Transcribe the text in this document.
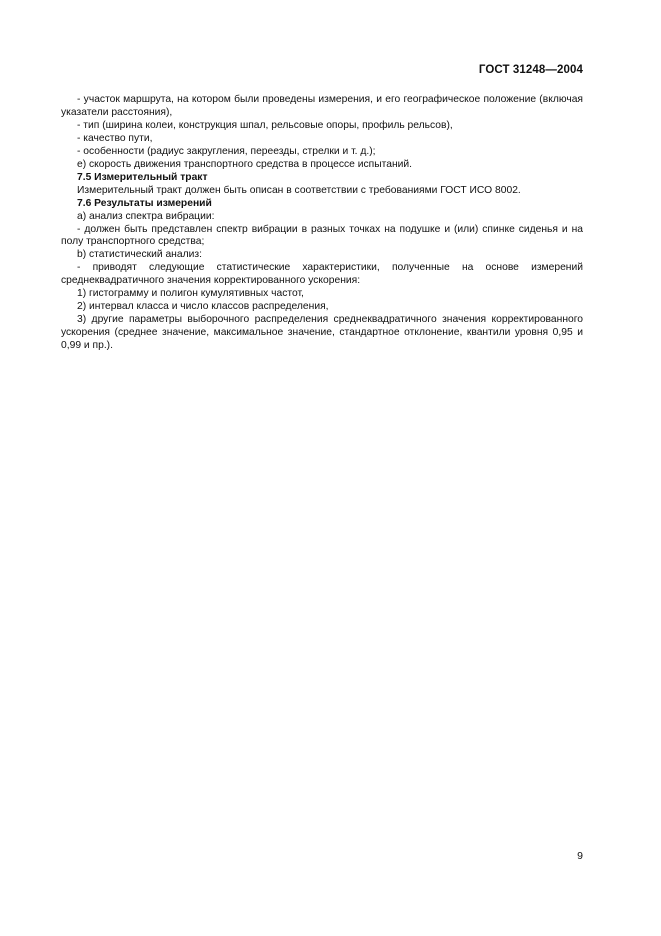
ГОСТ 31248—2004

- участок маршрута, на котором были проведены измерения, и его географическое положение (включая указатели расстояния),

- тип (ширина колеи, конструкция шпал, рельсовые опоры, профиль рельсов),

- качество пути,

- особенности (радиус закругления, переезды, стрелки и т. д.);

е) скорость движения транспортного средства в процессе испытаний.

7.5 Измерительный тракт

Измерительный тракт должен быть описан в соответствии с требованиями ГОСТ ИСО 8002.

7.6 Результаты измерений

a) анализ спектра вибрации:

- должен быть представлен спектр вибрации в разных точках на подушке и (или) спинке сиденья и на полу транспортного средства;

b) статистический анализ:

- приводят следующие статистические характеристики, полученные на основе измерений среднеквадратичного значения корректированного ускорения:

1) гистограмму и полигон кумулятивных частот,

2) интервал класса и число классов распределения,

3) другие параметры выборочного распределения среднеквадратичного значения корректированного ускорения (среднее значение, максимальное значение, стандартное отклонение, квантили уровня 0,95 и 0,99 и пр.).

9
